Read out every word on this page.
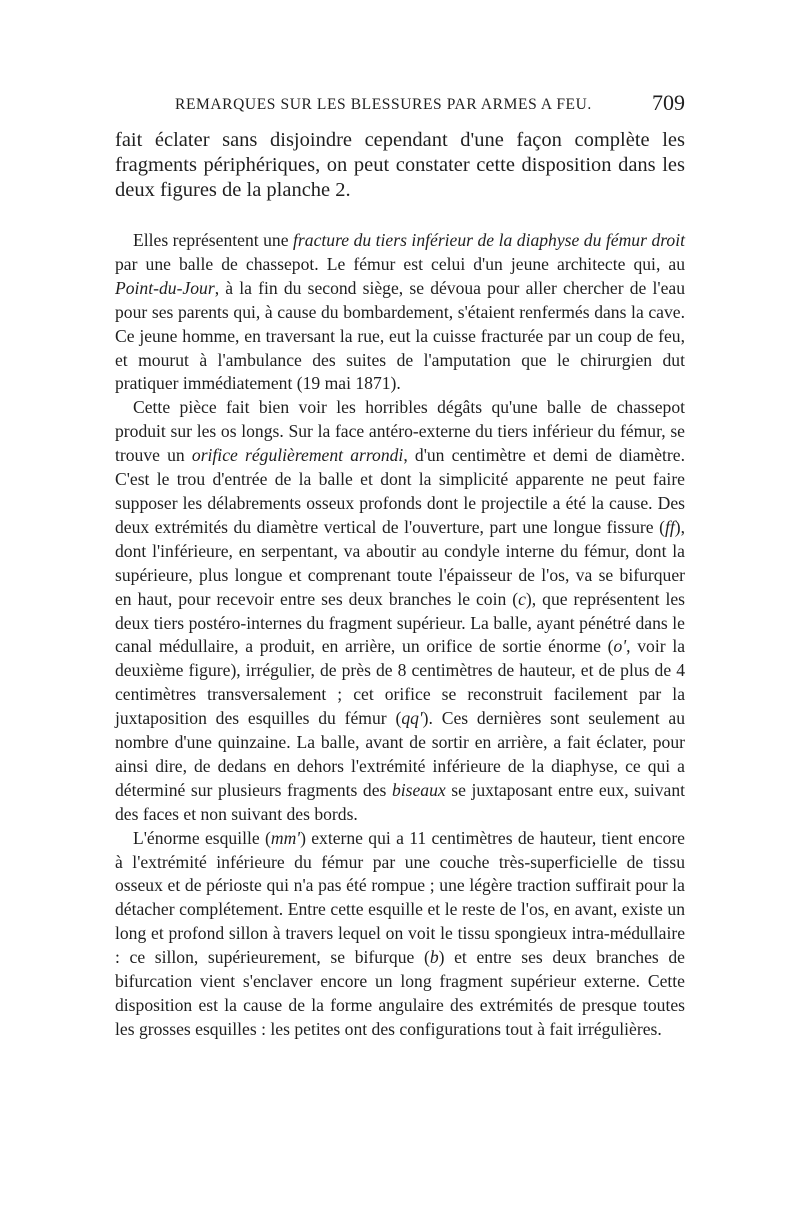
REMARQUES SUR LES BLESSURES PAR ARMES A FEU.	709

fait éclater sans disjoindre cependant d'une façon complète les fragments périphériques, on peut constater cette disposition dans les deux figures de la planche 2.

Elles représentent une fracture du tiers inférieur de la diaphyse du fémur droit par une balle de chassepot. Le fémur est celui d'un jeune architecte qui, au Point-du-Jour, à la fin du second siège, se dévoua pour aller chercher de l'eau pour ses parents qui, à cause du bombardement, s'étaient renfermés dans la cave. Ce jeune homme, en traversant la rue, eut la cuisse fracturée par un coup de feu, et mourut à l'ambulance des suites de l'amputation que le chirurgien dut pratiquer immédiatement (19 mai 1871).

Cette pièce fait bien voir les horribles dégâts qu'une balle de chassepot produit sur les os longs. Sur la face antéro-externe du tiers inférieur du fémur, se trouve un orifice régulièrement arrondi, d'un centimètre et demi de diamètre. C'est le trou d'entrée de la balle et dont la simplicité apparente ne peut faire supposer les délabrements osseux profonds dont le projectile a été la cause. Des deux extrémités du diamètre vertical de l'ouverture, part une longue fissure (ff), dont l'inférieure, en serpentant, va aboutir au condyle interne du fémur, dont la supérieure, plus longue et comprenant toute l'épaisseur de l'os, va se bifurquer en haut, pour recevoir entre ses deux branches le coin (c), que représentent les deux tiers postéro-internes du fragment supérieur. La balle, ayant pénétré dans le canal médullaire, a produit, en arrière, un orifice de sortie énorme (o', voir la deuxième figure), irrégulier, de près de 8 centimètres de hauteur, et de plus de 4 centimètres transversalement ; cet orifice se reconstruit facilement par la juxtaposition des esquilles du fémur (qq'). Ces dernières sont seulement au nombre d'une quinzaine. La balle, avant de sortir en arrière, a fait éclater, pour ainsi dire, de dedans en dehors l'extrémité inférieure de la diaphyse, ce qui a déterminé sur plusieurs fragments des biseaux se juxtaposant entre eux, suivant des faces et non suivant des bords.

L'énorme esquille (mm') externe qui a 11 centimètres de hauteur, tient encore à l'extrémité inférieure du fémur par une couche très-superficielle de tissu osseux et de périoste qui n'a pas été rompue ; une légère traction suffirait pour la détacher complétement. Entre cette esquille et le reste de l'os, en avant, existe un long et profond sillon à travers lequel on voit le tissu spongieux intra-médullaire : ce sillon, supérieurement, se bifurque (b) et entre ses deux branches de bifurcation vient s'enclaver encore un long fragment supérieur externe. Cette disposition est la cause de la forme angulaire des extrémités de presque toutes les grosses esquilles : les petites ont des configurations tout à fait irrégulières.
